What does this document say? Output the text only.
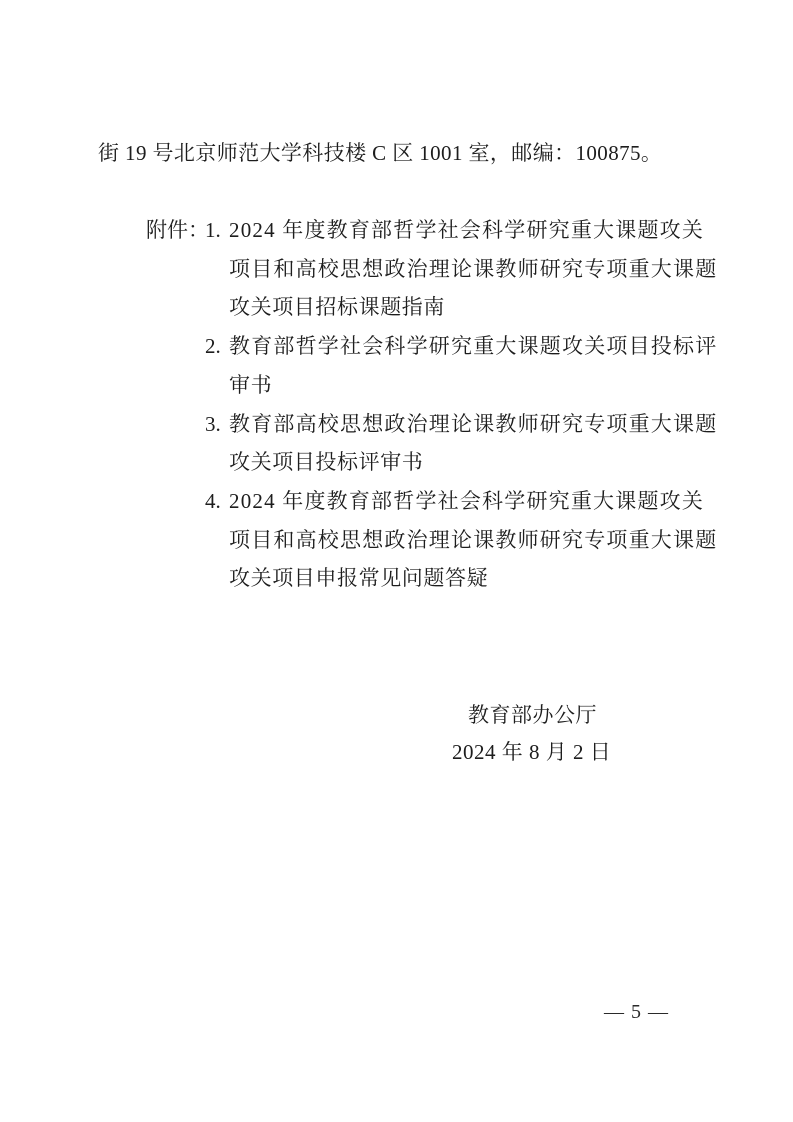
街 19 号北京师范大学科技楼 C 区 1001 室，邮编：100875。
附件：
1. 2024 年度教育部哲学社会科学研究重大课题攻关
项目和高校思想政治理论课教师研究专项重大课题
攻关项目招标课题指南
2. 教育部哲学社会科学研究重大课题攻关项目投标评
审书
3. 教育部高校思想政治理论课教师研究专项重大课题
攻关项目投标评审书
4. 2024 年度教育部哲学社会科学研究重大课题攻关
项目和高校思想政治理论课教师研究专项重大课题
攻关项目申报常见问题答疑
教育部办公厅
2024 年 8 月 2 日
— 5 —
